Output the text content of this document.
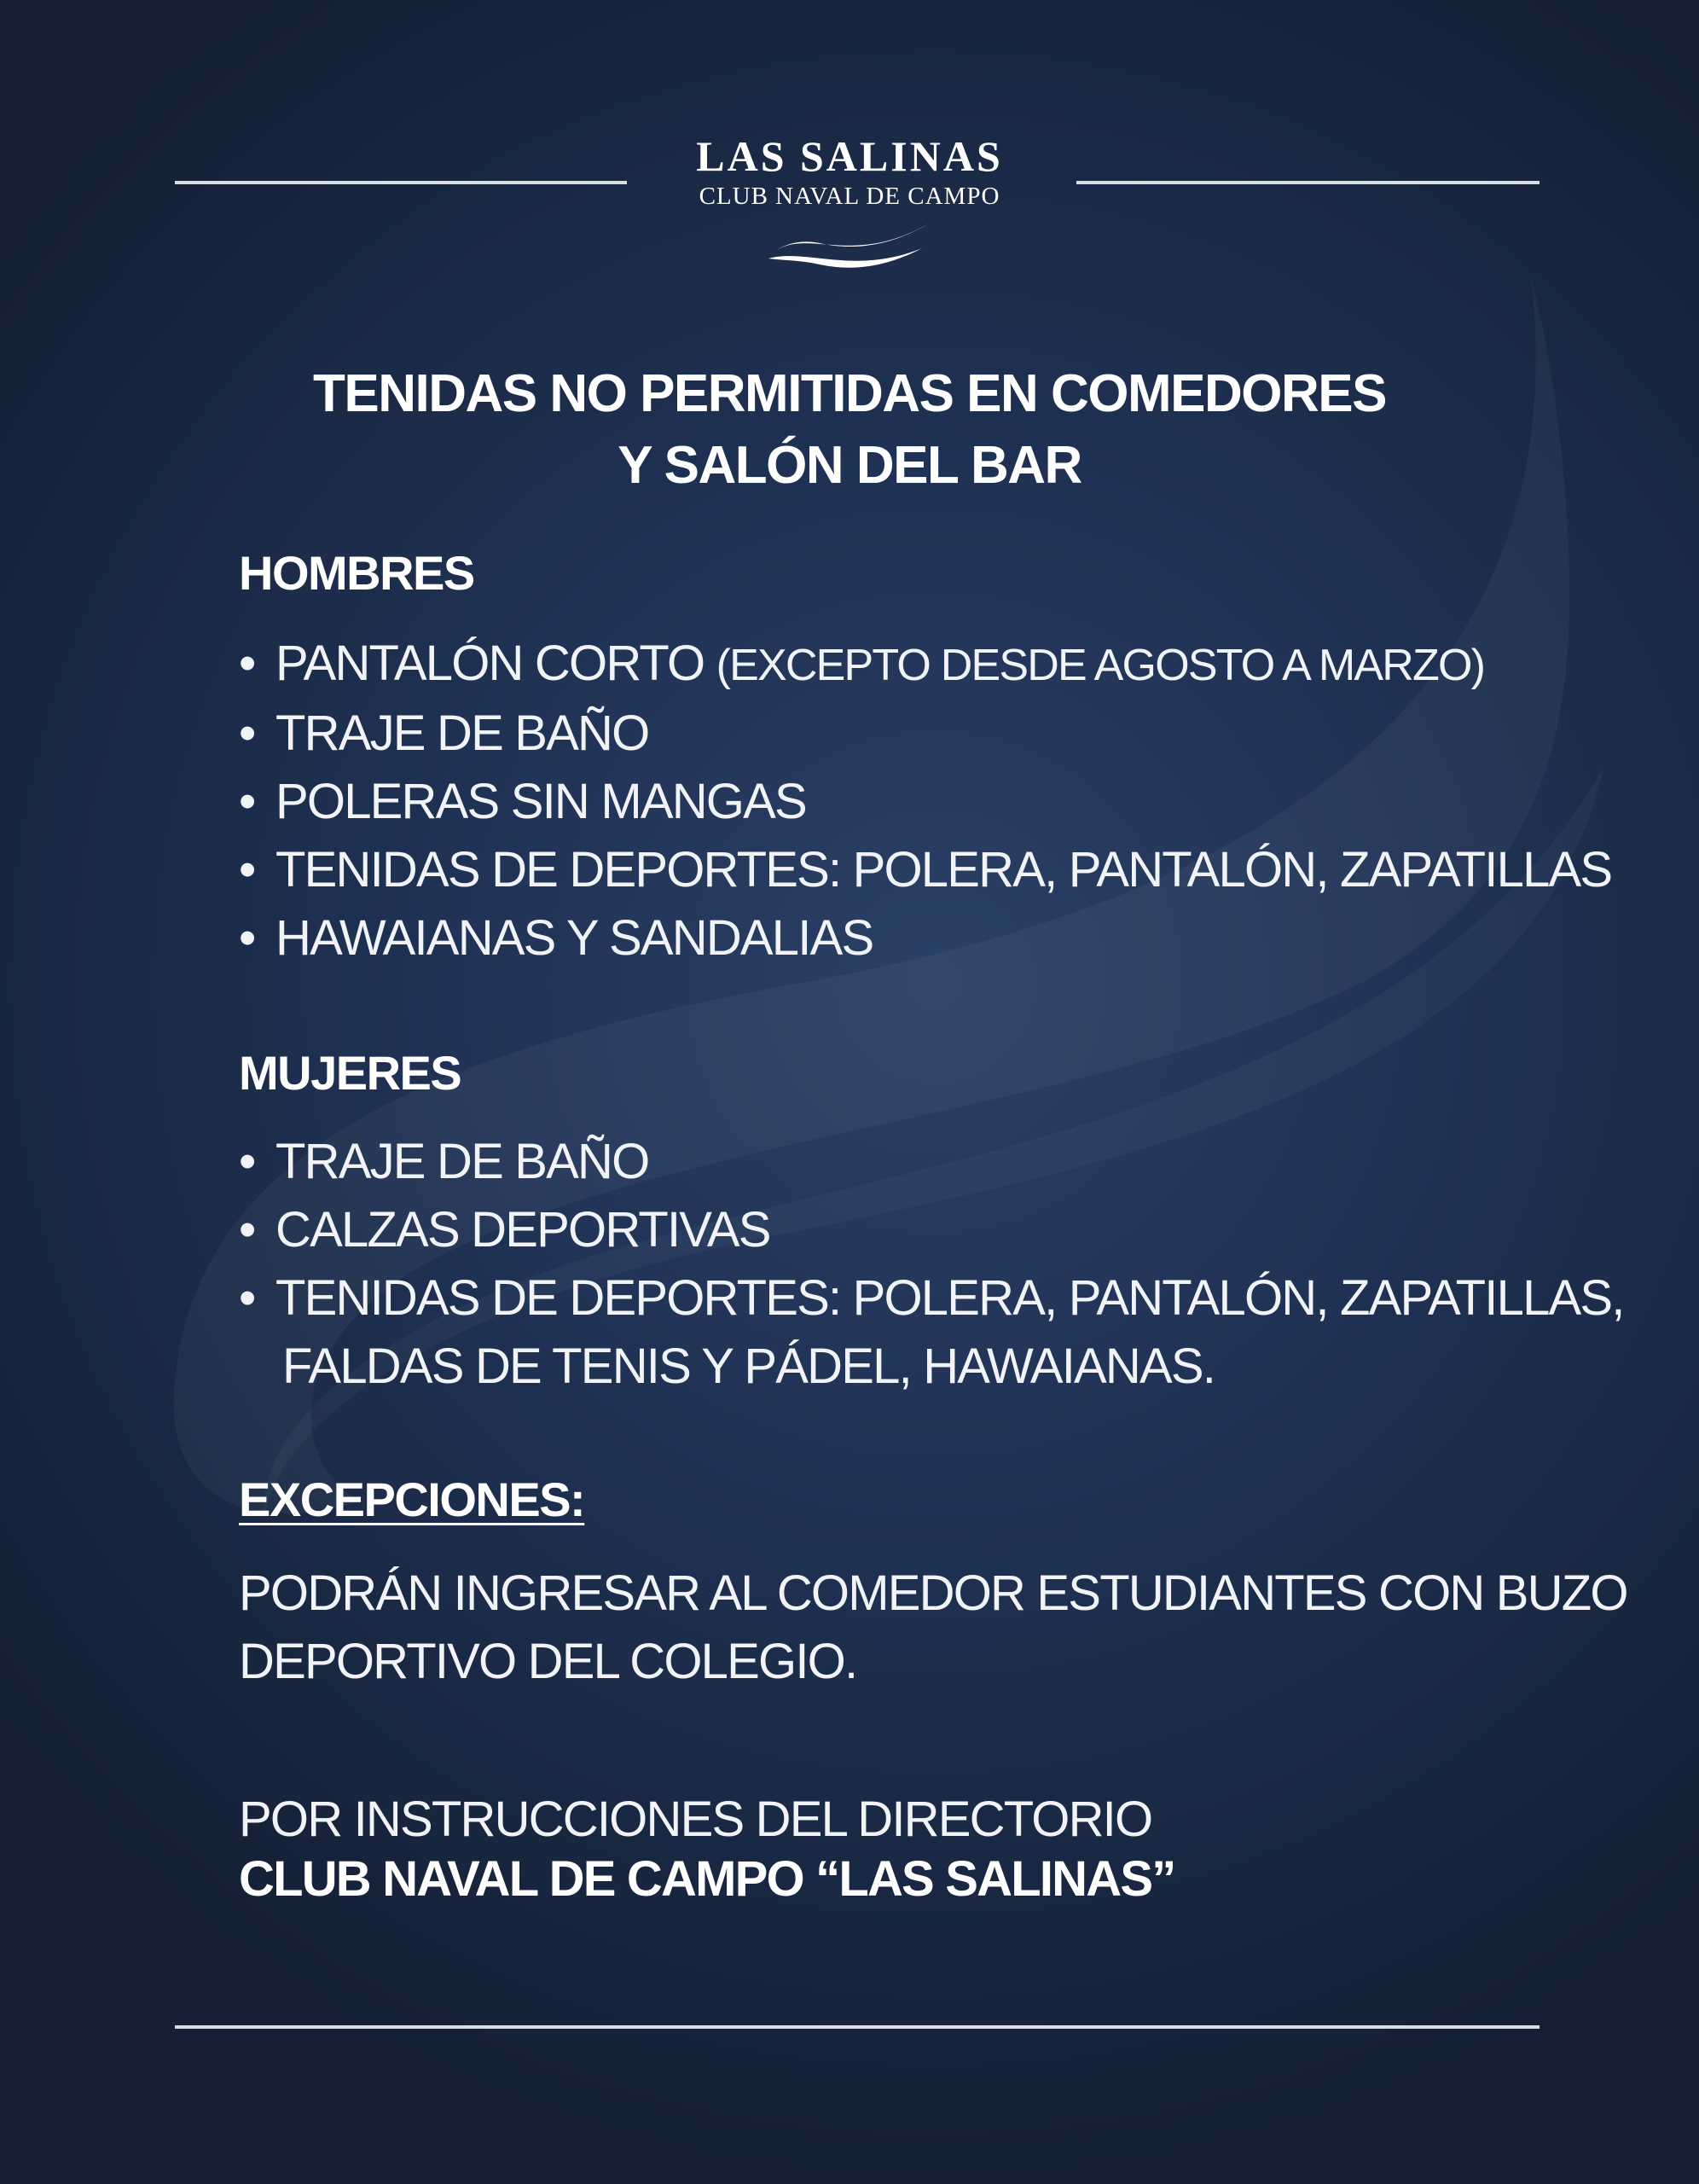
LAS SALINAS
CLUB NAVAL DE CAMPO
TENIDAS NO PERMITIDAS EN COMEDORES
Y SALÓN DEL BAR
HOMBRES
• PANTALÓN CORTO (EXCEPTO DESDE AGOSTO A MARZO)
• TRAJE DE BAÑO
• POLERAS SIN MANGAS
• TENIDAS DE DEPORTES: POLERA, PANTALÓN, ZAPATILLAS
• HAWAIANAS Y SANDALIAS
MUJERES
• TRAJE DE BAÑO
• CALZAS DEPORTIVAS
• TENIDAS DE DEPORTES: POLERA, PANTALÓN, ZAPATILLAS,
FALDAS DE TENIS Y PÁDEL, HAWAIANAS.
EXCEPCIONES:
PODRÁN INGRESAR AL COMEDOR ESTUDIANTES CON BUZO
DEPORTIVO DEL COLEGIO.
POR INSTRUCCIONES DEL DIRECTORIO
CLUB NAVAL DE CAMPO “LAS SALINAS”
